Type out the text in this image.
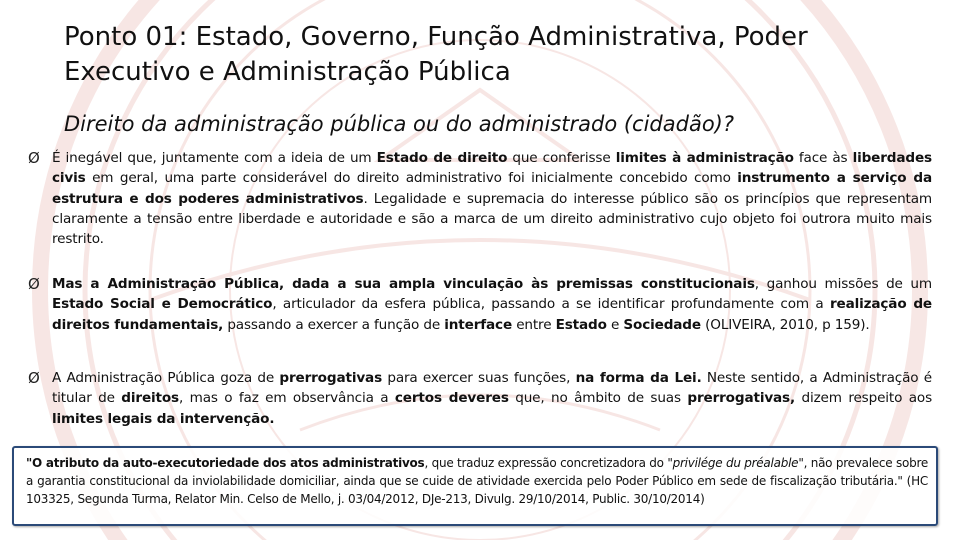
Ponto 01: Estado, Governo, Função Administrativa, Poder Executivo e Administração Pública
Direito da administração pública ou do administrado (cidadão)?
Ø É inegável que, juntamente com a ideia de um Estado de direito que conferisse limites à administração face às liberdades civis em geral, uma parte considerável do direito administrativo foi inicialmente concebido como instrumento a serviço da estrutura e dos poderes administrativos. Legalidade e supremacia do interesse público são os princípios que representam claramente a tensão entre liberdade e autoridade e são a marca de um direito administrativo cujo objeto foi outrora muito mais restrito.

Ø Mas a Administração Pública, dada a sua ampla vinculação às premissas constitucionais, ganhou missões de um Estado Social e Democrático, articulador da esfera pública, passando a se identificar profundamente com a realização de direitos fundamentais, passando a exercer a função de interface entre Estado e Sociedade (OLIVEIRA, 2010, p 159).

Ø A Administração Pública goza de prerrogativas para exercer suas funções, na forma da Lei. Neste sentido, a Administração é titular de direitos, mas o faz em observância a certos deveres que, no âmbito de suas prerrogativas, dizem respeito aos limites legais da intervenção.

"O atributo da auto-executoriedade dos atos administrativos, que traduz expressão concretizadora do "privilége du préalable", não prevalece sobre a garantia constitucional da inviolabilidade domiciliar, ainda que se cuide de atividade exercida pelo Poder Público em sede de fiscalização tributária." (HC 103325, Segunda Turma, Relator Min. Celso de Mello, j. 03/04/2012, DJe-213, Divulg. 29/10/2014, Public. 30/10/2014)
